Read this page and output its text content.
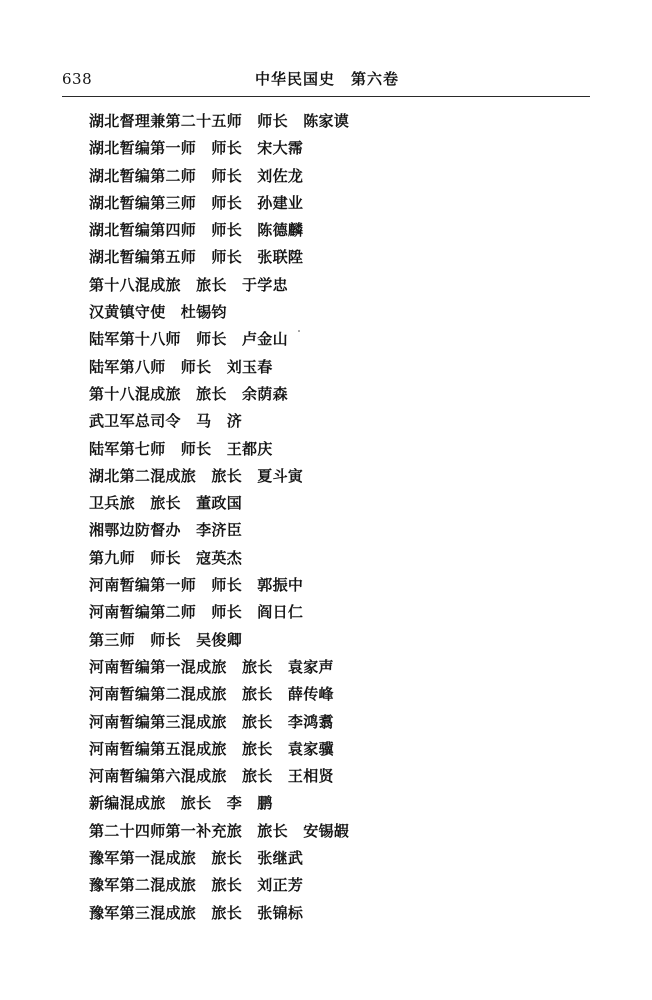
638	中华民国史　第六卷
湖北督理兼第二十五师　师长　陈家谟
湖北暂编第一师　师长　宋大霈
湖北暂编第二师　师长　刘佐龙
湖北暂编第三师　师长　孙建业
湖北暂编第四师　师长　陈德麟
湖北暂编第五师　师长　张联陞
第十八混成旅　旅长　于学忠
汉黄镇守使　杜锡钧
陆军第十八师　师长　卢金山
陆军第八师　师长　刘玉春
第十八混成旅　旅长　余荫森
武卫军总司令　马　济
陆军第七师　师长　王都庆
湖北第二混成旅　旅长　夏斗寅
卫兵旅　旅长　董政国
湘鄂边防督办　李济臣
第九师　师长　寇英杰
河南暂编第一师　师长　郭振中
河南暂编第二师　师长　阎日仁
第三师　师长　吴俊卿
河南暂编第一混成旅　旅长　袁家声
河南暂编第二混成旅　旅长　薛传峰
河南暂编第三混成旅　旅长　李鸿翥
河南暂编第五混成旅　旅长　袁家骥
河南暂编第六混成旅　旅长　王相贤
新编混成旅　旅长　李　鹏
第二十四师第一补充旅　旅长　安锡嘏
豫军第一混成旅　旅长　张继武
豫军第二混成旅　旅长　刘正芳
豫军第三混成旅　旅长　张锦标
